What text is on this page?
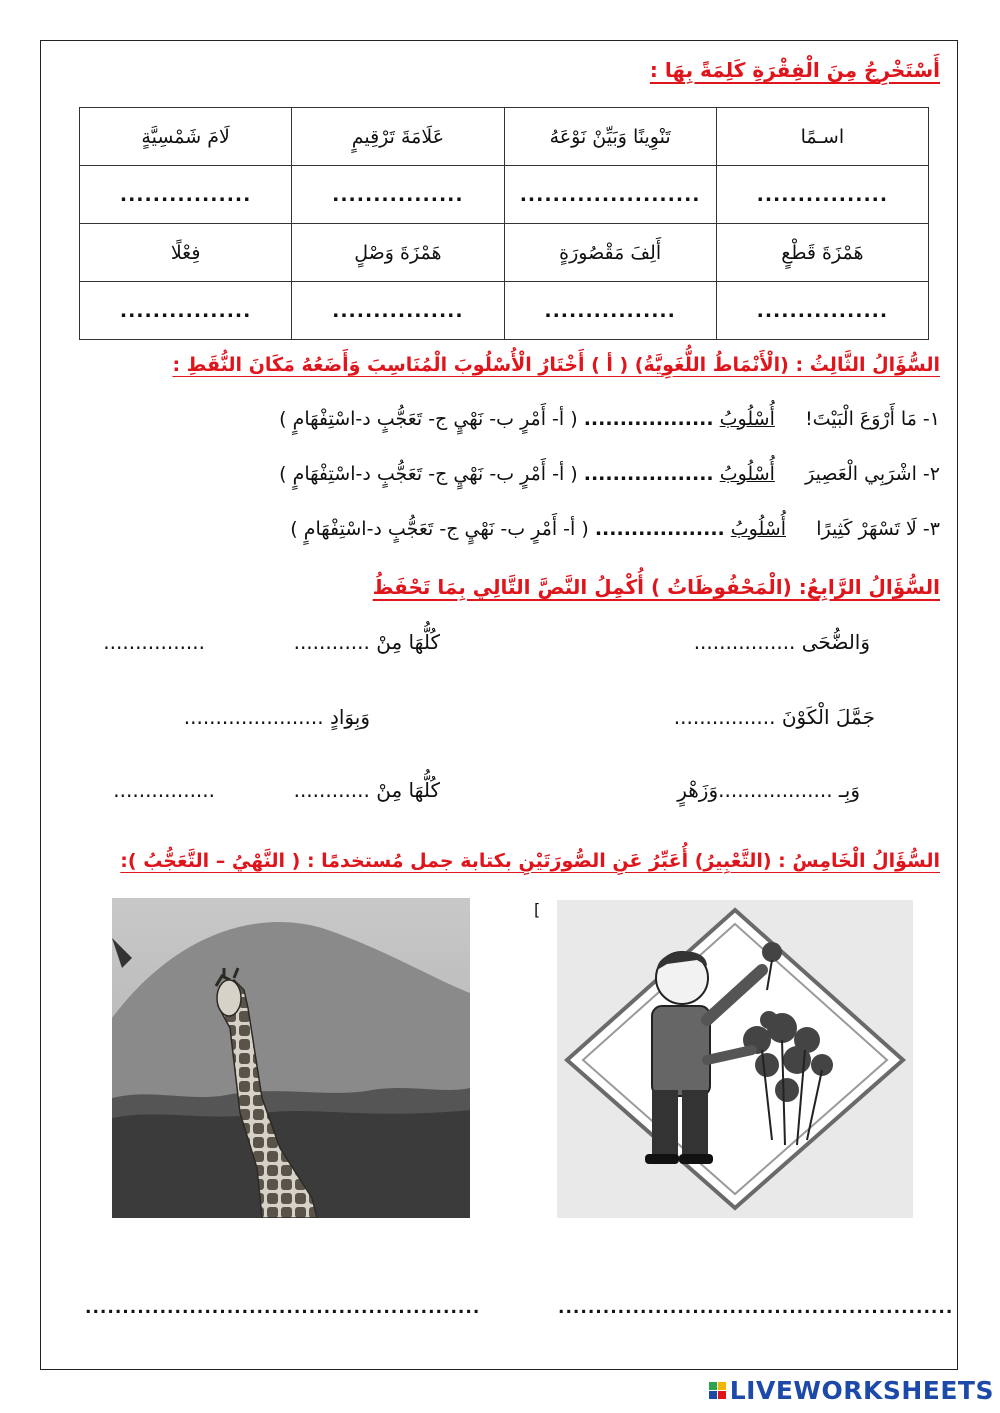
أَسْتَخْرِجُ مِنَ الْفِقْرَةِ كَلِمَةً بِهَا :
اسـمًا	تَنْوِينًا وَبَيِّنْ نَوْعَهُ	عَلَامَةَ تَرْقِيمٍ	لَامَ شَمْسِيَّةٍ
................	......................	................	................
هَمْزَةَ قَطْعٍ	أَلِفَ مَقْصُورَةٍ	هَمْزَةَ وَصْلٍ	فِعْلًا
................	................	................	................
السُّؤَالُ الثَّالِثُ : (الْأَنْمَاطُ اللُّغَوِيَّةُ) ( أ ) أَخْتَارُ الْأُسْلُوبَ الْمُنَاسِبَ وَأَضَعُهُ مَكَانَ النُّقَطِ :
١- مَا أَرْوَعَ الْبَيْتَ!     أُسْلُوبُ .................. ( أ- أَمْرٍ ب- نَهْيٍ ج- تَعَجُّبٍ د-اسْتِفْهَامٍ )
٢- اشْرَبِي الْعَصِيرَ     أُسْلُوبُ .................. ( أ- أَمْرٍ ب- نَهْيٍ ج- تَعَجُّبٍ د-اسْتِفْهَامٍ )
٣- لَا تَسْهَرْ كَثِيرًا     أُسْلُوبُ .................. ( أ- أَمْرٍ ب- نَهْيٍ ج- تَعَجُّبٍ د-اسْتِفْهَامٍ )
السُّؤَالُ الرَّابِعُ: (الْمَحْفُوظَاتُ ) أُكْمِلُ النَّصَّ التَّالِي بِمَا تَحْفَظُ
وَالضُّحَى ................
كُلُّهَا مِنْ ............
................
جَمَّلَ الْكَوْنَ ................
وَبِوَادٍ ......................
وَبِـ ..................وَزَهْرٍ
كُلُّهَا مِنْ ............
................
السُّؤَالُ الْخَامِسُ : (التَّعْبِيرُ) أُعَبِّرُ عَنِ الصُّورَتَيْنِ بكتابة جمل مُستخدمًا : ( النَّهْيُ – التَّعَجُّبُ ):
[
.....................................................	.....................................................
LIVEWORKSHEETS
